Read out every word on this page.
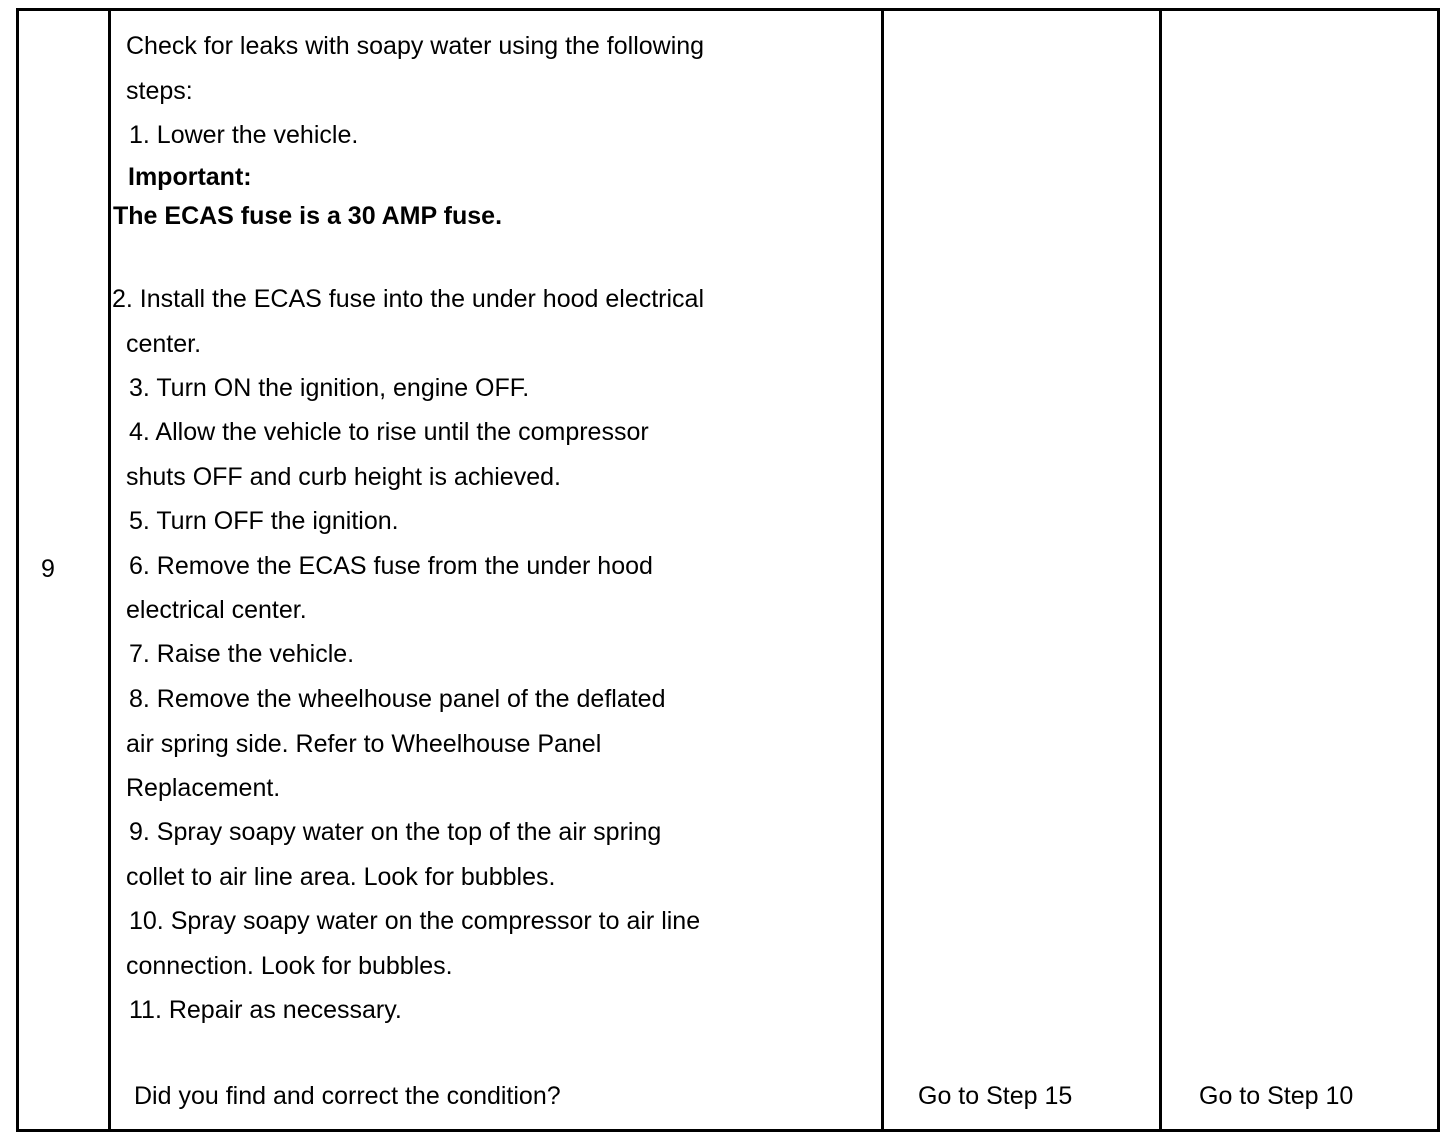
9
Check for leaks with soapy water using the following
steps:
1. Lower the vehicle.
Important:
The ECAS fuse is a 30 AMP fuse.
2. Install the ECAS fuse into the under hood electrical
center.
3. Turn ON the ignition, engine OFF.
4. Allow the vehicle to rise until the compressor
shuts OFF and curb height is achieved.
5. Turn OFF the ignition.
6. Remove the ECAS fuse from the under hood
electrical center.
7. Raise the vehicle.
8. Remove the wheelhouse panel of the deflated
air spring side. Refer to Wheelhouse Panel
Replacement.
9. Spray soapy water on the top of the air spring
collet to air line area. Look for bubbles.
10. Spray soapy water on the compressor to air line
connection. Look for bubbles.
11. Repair as necessary.
Did you find and correct the condition?	Go to Step 15	Go to Step 10
